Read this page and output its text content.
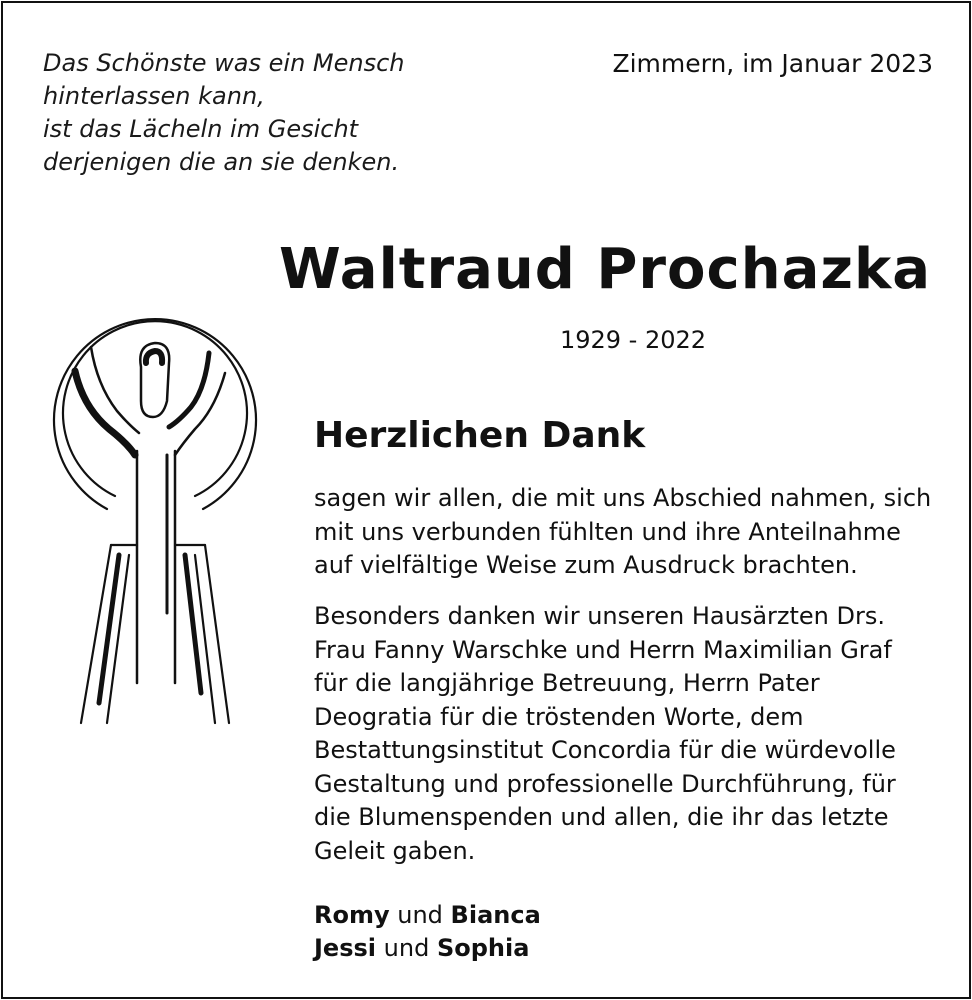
Das Schönste was ein Mensch
hinterlassen kann,
ist das Lächeln im Gesicht
derjenigen die an sie denken.
Zimmern, im Januar 2023
Waltraud Prochazka
1929 - 2022
Herzlichen Dank
sagen wir allen, die mit uns Abschied nahmen, sich
mit uns verbunden fühlten und ihre Anteilnahme
auf vielfältige Weise zum Ausdruck brachten.
Besonders danken wir unseren Hausärzten Drs.
Frau Fanny Warschke und Herrn Maximilian Graf
für die langjährige Betreuung, Herrn Pater
Deogratia für die tröstenden Worte, dem
Bestattungsinstitut Concordia für die würdevolle
Gestaltung und professionelle Durchführung, für
die Blumenspenden und allen, die ihr das letzte
Geleit gaben.
Romy und Bianca
Jessi und Sophia
